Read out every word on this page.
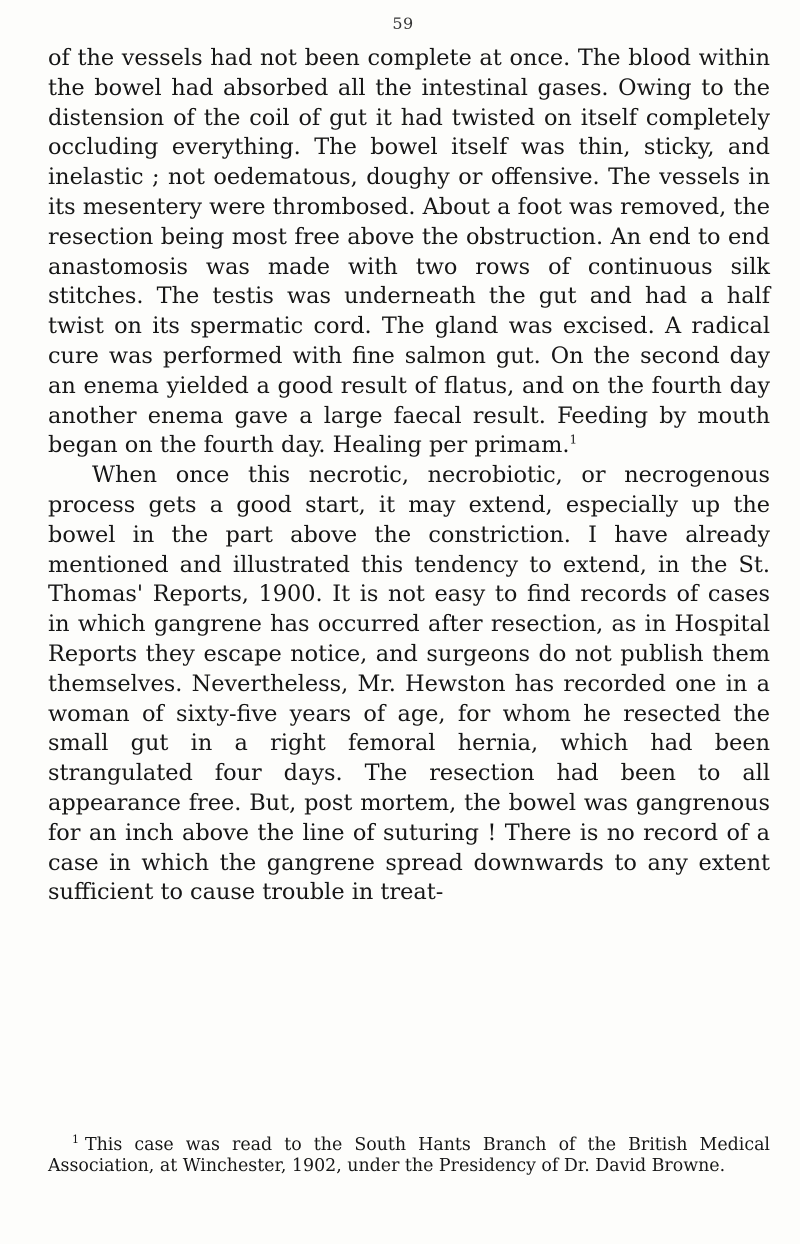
59

of the vessels had not been complete at once. The blood within the bowel had absorbed all the intestinal gases. Owing to the distension of the coil of gut it had twisted on itself completely occluding everything. The bowel itself was thin, sticky, and inelastic ; not oedematous, doughy or offensive. The vessels in its mesentery were thrombosed. About a foot was removed, the resection being most free above the obstruction. An end to end anastomosis was made with two rows of continuous silk stitches. The testis was underneath the gut and had a half twist on its spermatic cord. The gland was excised. A radical cure was performed with fine salmon gut. On the second day an enema yielded a good result of flatus, and on the fourth day another enema gave a large faecal result. Feeding by mouth began on the fourth day. Healing per primam.$^1$

When once this necrotic, necrobiotic, or necrogenous process gets a good start, it may extend, especially up the bowel in the part above the constriction. I have already mentioned and illustrated this tendency to extend, in the St. Thomas' Reports, 1900. It is not easy to find records of cases in which gangrene has occurred after resection, as in Hospital Reports they escape notice, and surgeons do not publish them themselves. Nevertheless, Mr. Hewston has recorded one in a woman of sixty-five years of age, for whom he resected the small gut in a right femoral hernia, which had been strangulated four days. The resection had been to all appearance free. But, post mortem, the bowel was gangrenous for an inch above the line of suturing ! There is no record of a case in which the gangrene spread downwards to any extent sufficient to cause trouble in treat-

$^1$ This case was read to the South Hants Branch of the British Medical Association, at Winchester, 1902, under the Presidency of Dr. David Browne.
